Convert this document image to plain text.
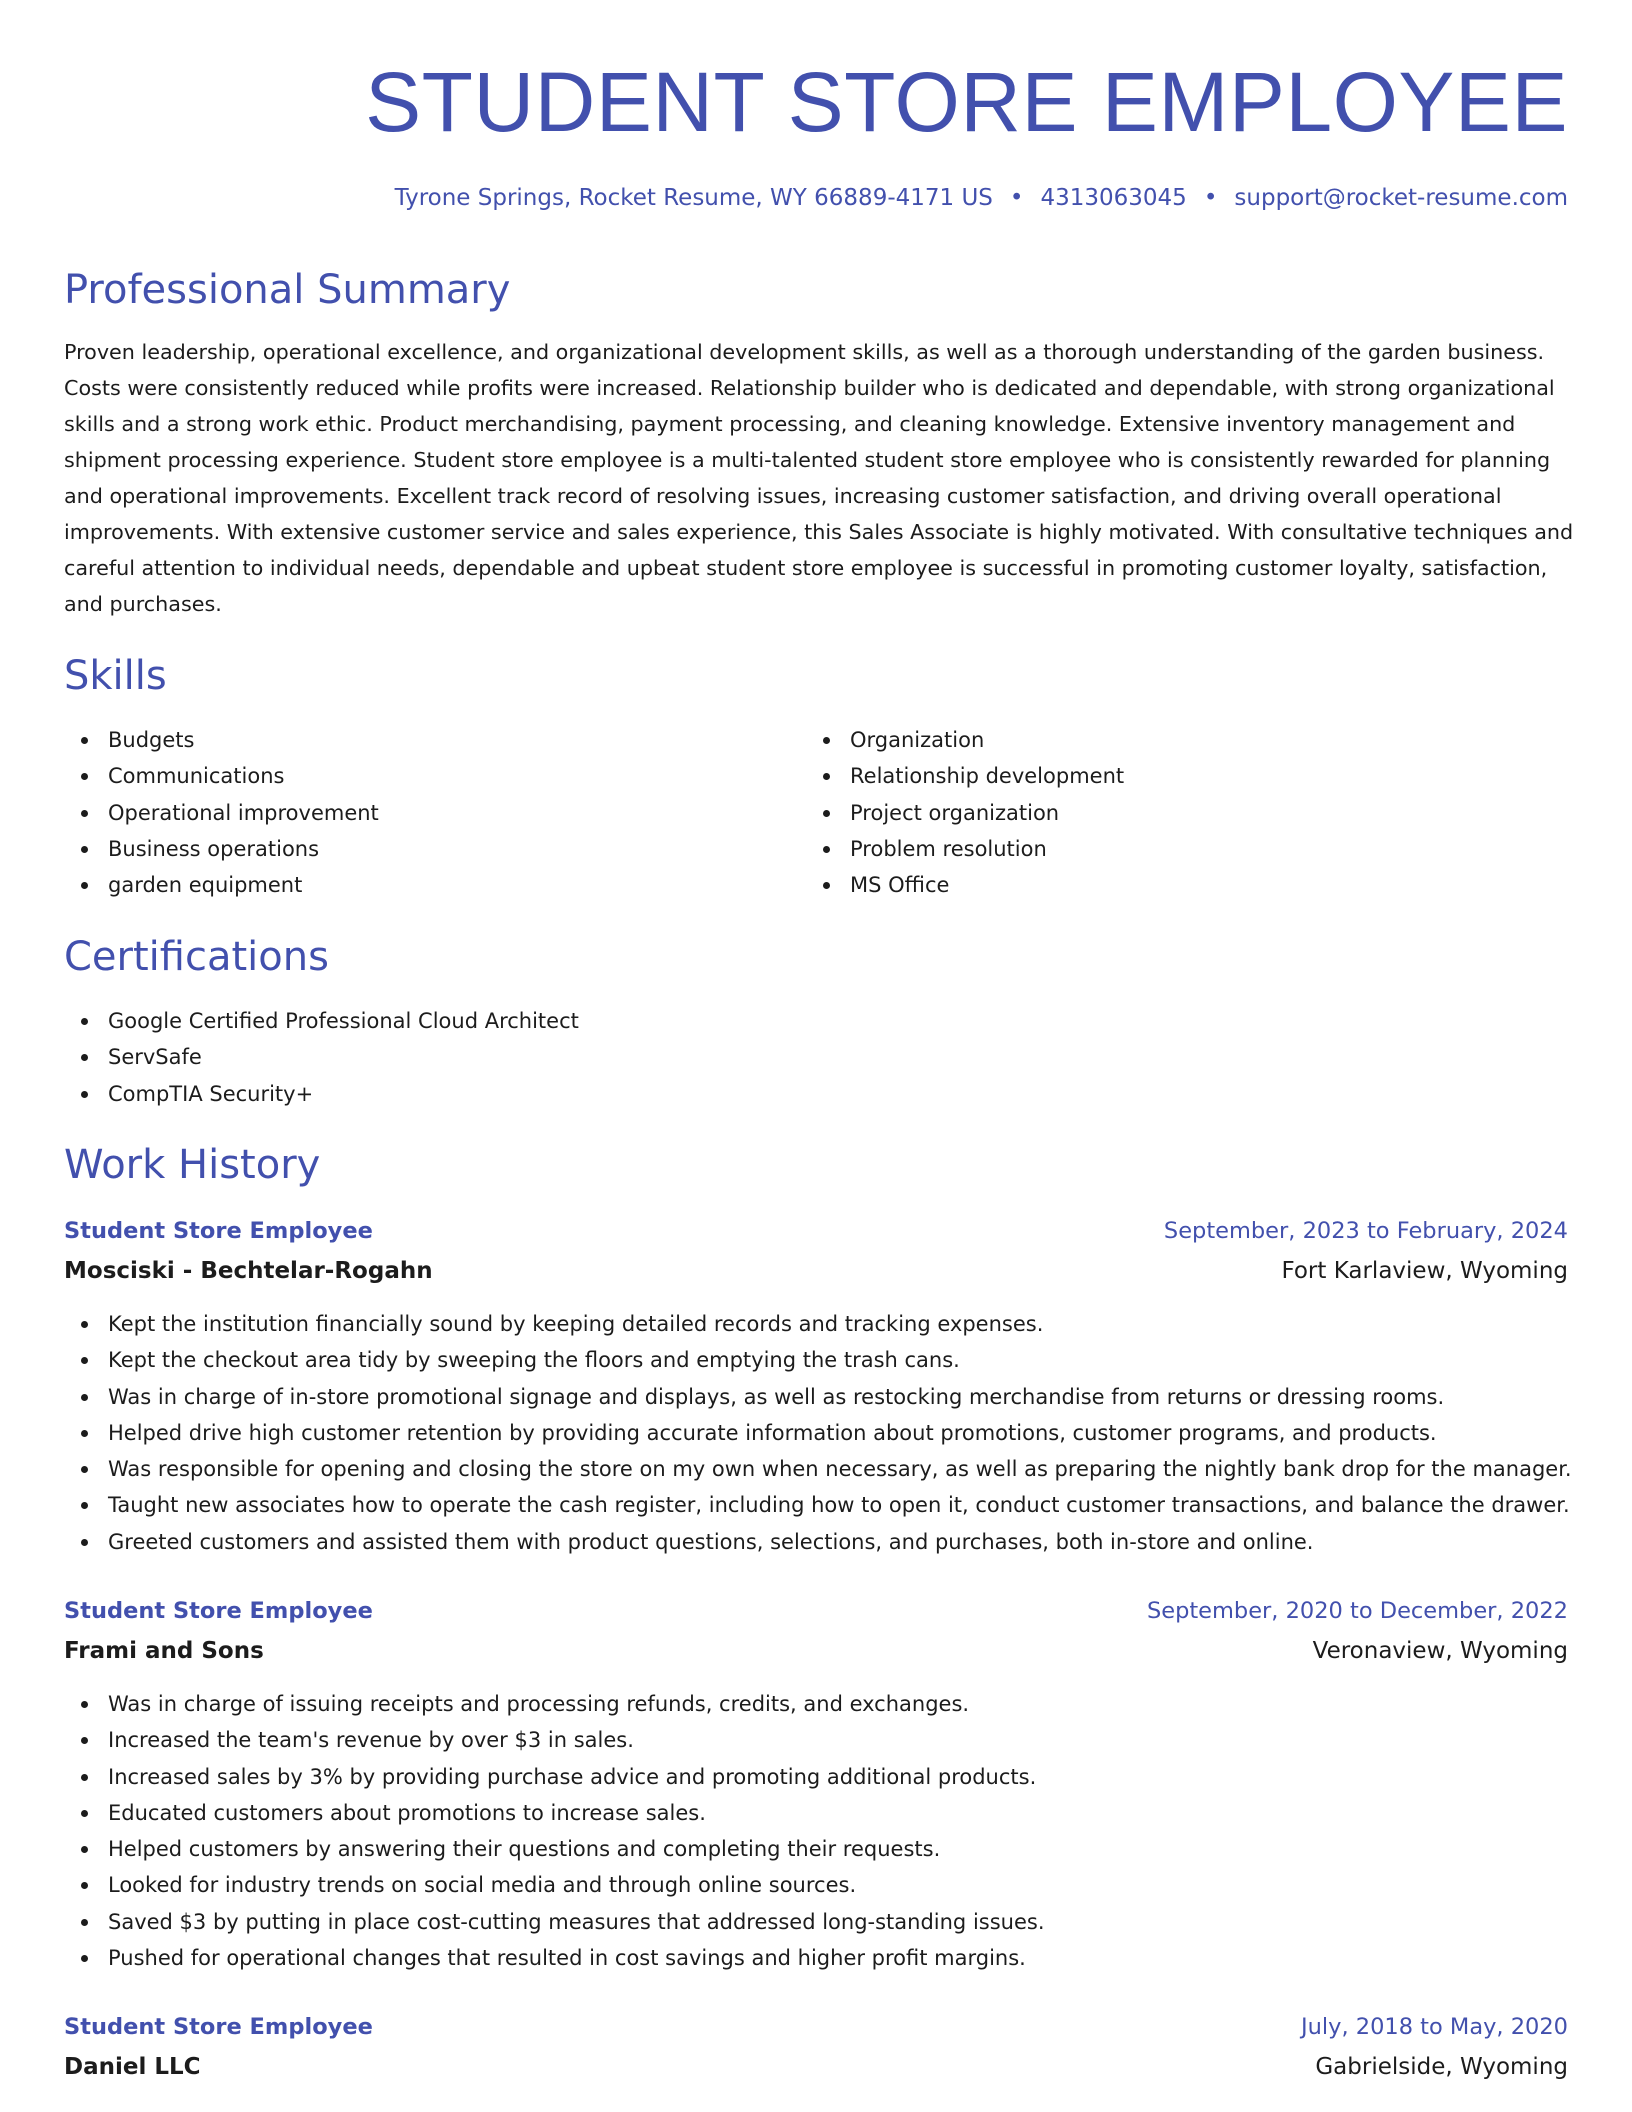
STUDENT STORE EMPLOYEE
Tyrone Springs, Rocket Resume, WY 66889-4171 US • 4313063045 • support@rocket-resume.com
Professional Summary

Proven leadership, operational excellence, and organizational development skills, as well as a thorough understanding of the garden business. Costs were consistently reduced while profits were increased. Relationship builder who is dedicated and dependable, with strong organizational skills and a strong work ethic. Product merchandising, payment processing, and cleaning knowledge. Extensive inventory management and shipment processing experience. Student store employee is a multi-talented student store employee who is consistently rewarded for planning and operational improvements. Excellent track record of resolving issues, increasing customer satisfaction, and driving overall operational improvements. With extensive customer service and sales experience, this Sales Associate is highly motivated. With consultative techniques and careful attention to individual needs, dependable and upbeat student store employee is successful in promoting customer loyalty, satisfaction, and purchases.

Skills
Budgets
Communications
Operational improvement
Business operations
garden equipment
Organization
Relationship development
Project organization
Problem resolution
MS Office
Certifications
Google Certified Professional Cloud Architect
ServSafe
CompTIA Security+
Work History
Student Store Employee	September, 2023 to February, 2024
Mosciski - Bechtelar-Rogahn	Fort Karlaview, Wyoming
Kept the institution financially sound by keeping detailed records and tracking expenses.
Kept the checkout area tidy by sweeping the floors and emptying the trash cans.
Was in charge of in-store promotional signage and displays, as well as restocking merchandise from returns or dressing rooms.
Helped drive high customer retention by providing accurate information about promotions, customer programs, and products.
Was responsible for opening and closing the store on my own when necessary, as well as preparing the nightly bank drop for the manager.
Taught new associates how to operate the cash register, including how to open it, conduct customer transactions, and balance the drawer.
Greeted customers and assisted them with product questions, selections, and purchases, both in-store and online.
Student Store Employee	September, 2020 to December, 2022
Frami and Sons	Veronaview, Wyoming
Was in charge of issuing receipts and processing refunds, credits, and exchanges.
Increased the team's revenue by over $3 in sales.
Increased sales by 3% by providing purchase advice and promoting additional products.
Educated customers about promotions to increase sales.
Helped customers by answering their questions and completing their requests.
Looked for industry trends on social media and through online sources.
Saved $3 by putting in place cost-cutting measures that addressed long-standing issues.
Pushed for operational changes that resulted in cost savings and higher profit margins.
Student Store Employee	July, 2018 to May, 2020
Daniel LLC	Gabrielside, Wyoming
